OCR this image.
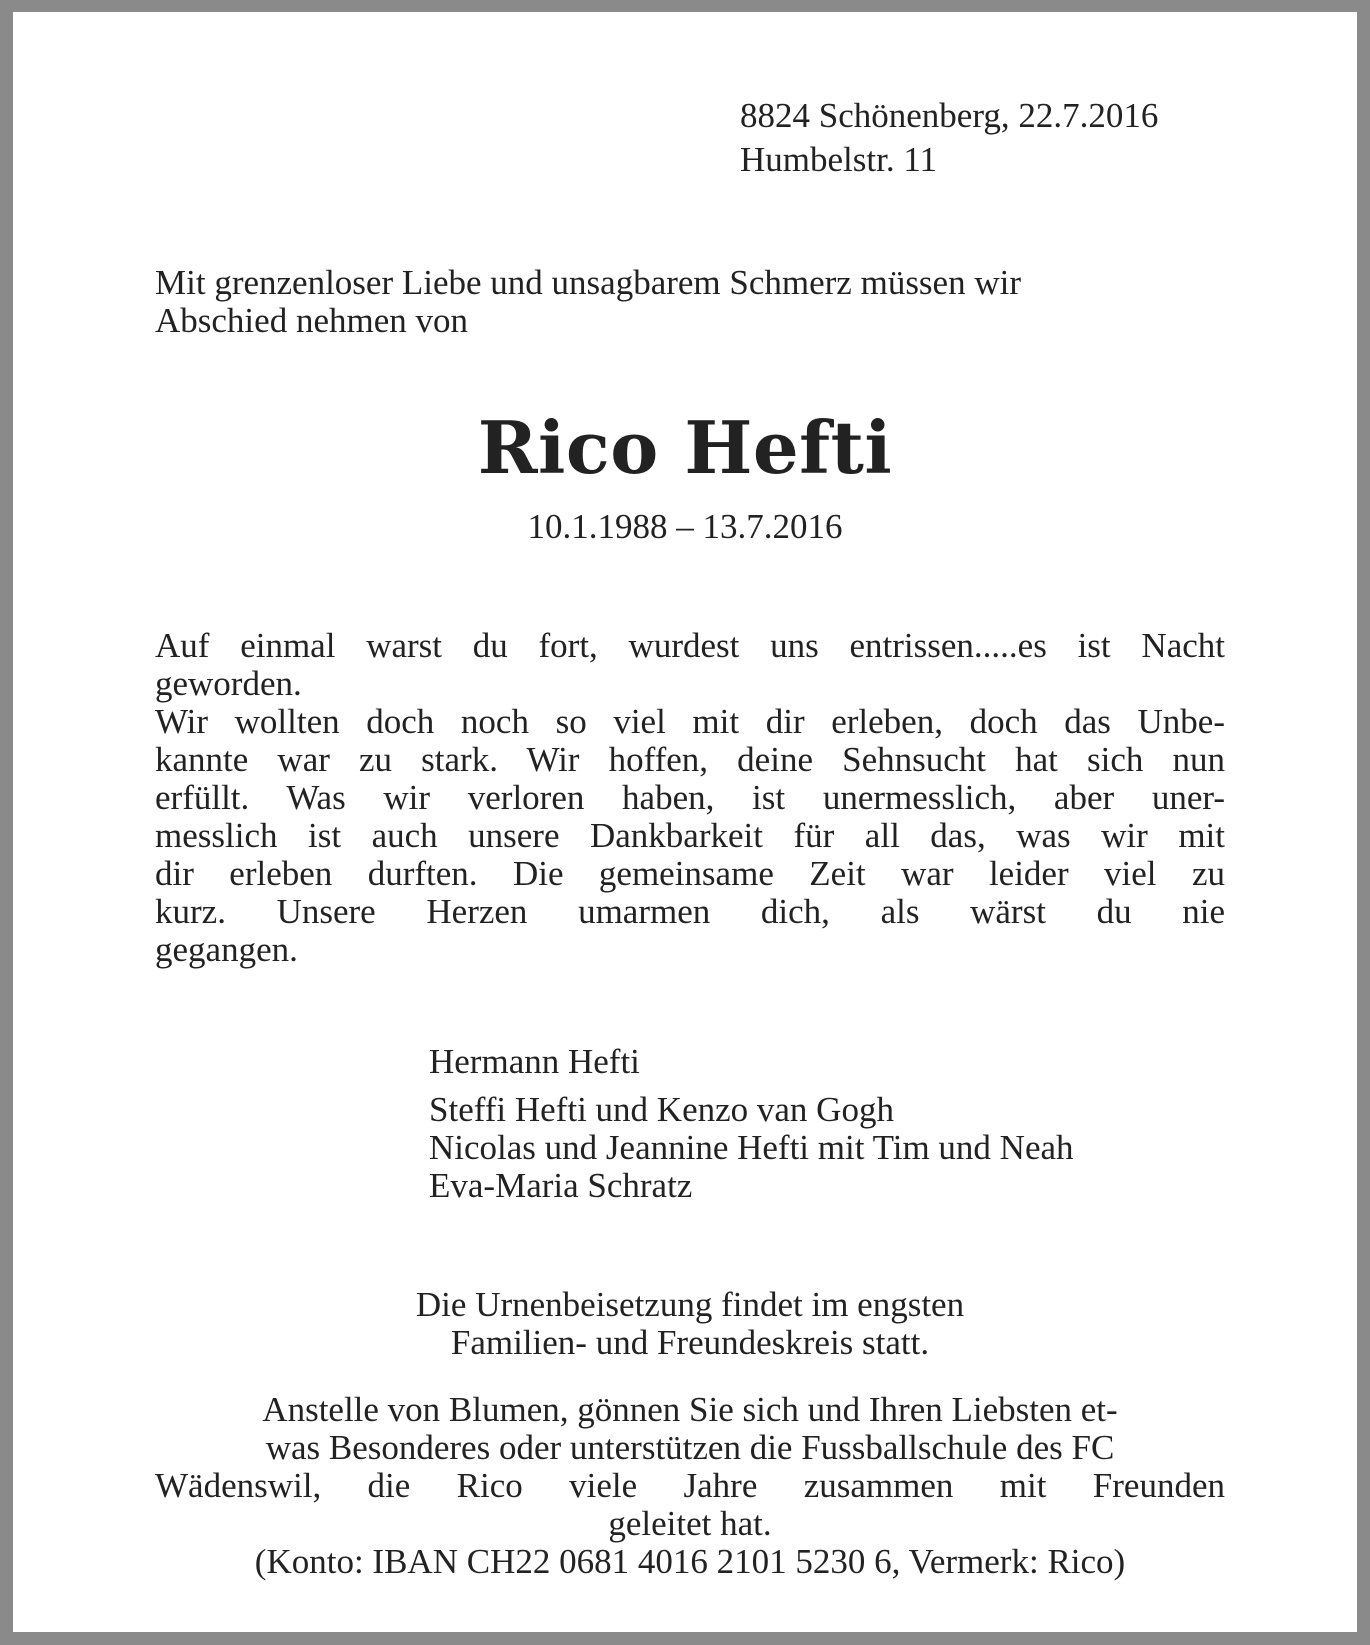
8824 Schönenberg, 22.7.2016
Humbelstr. 11
Mit grenzenloser Liebe und unsagbarem Schmerz müssen wir
Abschied nehmen von
Rico Hefti
10.1.1988 – 13.7.2016
Auf einmal warst du fort, wurdest uns entrissen.....es ist Nacht
geworden.
Wir wollten doch noch so viel mit dir erleben, doch das Unbe-
kannte war zu stark. Wir hoffen, deine Sehnsucht hat sich nun
erfüllt. Was wir verloren haben, ist unermesslich, aber uner-
messlich ist auch unsere Dankbarkeit für all das, was wir mit
dir erleben durften. Die gemeinsame Zeit war leider viel zu
kurz. Unsere Herzen umarmen dich, als wärst du nie
gegangen.
Hermann Hefti
Steffi Hefti und Kenzo van Gogh
Nicolas und Jeannine Hefti mit Tim und Neah
Eva-Maria Schratz
Die Urnenbeisetzung findet im engsten
Familien- und Freundeskreis statt.
Anstelle von Blumen, gönnen Sie sich und Ihren Liebsten et-
was Besonderes oder unterstützen die Fussballschule des FC
Wädenswil, die Rico viele Jahre zusammen mit Freunden
geleitet hat.
(Konto: IBAN CH22 0681 4016 2101 5230 6, Vermerk: Rico)
